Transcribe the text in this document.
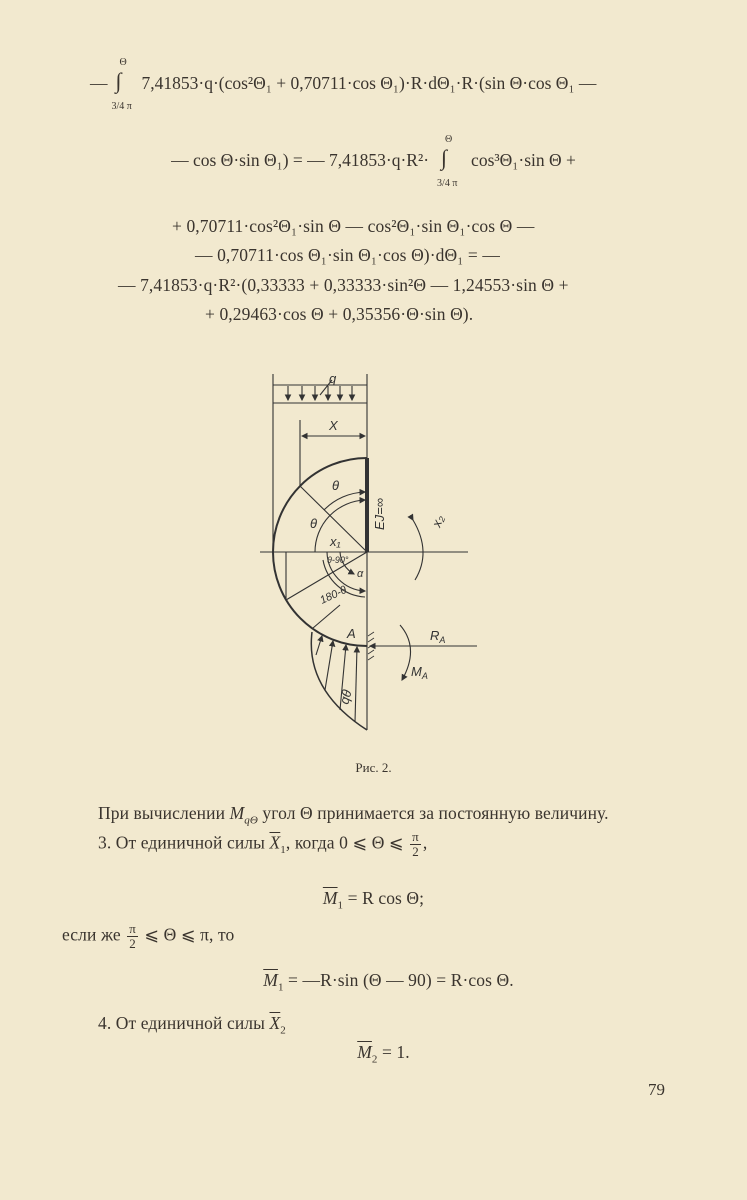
— ∫
Θ
3/4 π
7,41853·q·(cos²Θ₁ + 0,70711·cos Θ₁)·R·dΘ₁·R·(sin Θ·cos Θ₁ —
— cos Θ·sin Θ₁) = — 7,41853·q·R²· ∫
Θ
3/4 π
cos³Θ₁·sin Θ +
+ 0,70711·cos²Θ₁·sin Θ — cos²Θ₁·sin Θ₁·cos Θ —
— 0,70711·cos Θ₁·sin Θ₁·cos Θ)·dΘ₁ = —
— 7,41853·q·R²·(0,33333 + 0,33333·sin²Θ — 1,24553·sin Θ +
+ 0,29463·cos Θ + 0,35356·Θ·sin Θ).
q
X
θ
θ
x₁
θ-90°
α
180-θ
EJ=∞	x₂
A	$R_A$
$M_A$
qθ
Рис. 2.
При вычислении $M_{q\Theta}$ угол Θ принимается за постоянную величину.
3. От единичной силы $\overline{X}_1$, когда 0 ⩽ Θ ⩽ $\frac{\pi}{2}$ ,
$\overline{M}_1 = R$ cos Θ;
если же $\frac{\pi}{2}$ ⩽ Θ ⩽ π, то
$\overline{M}_1$ = —R·sin (Θ — 90) = R·cos Θ.
4. От единичной силы $\overline{X}_2$
$\overline{M}_2 = 1$.
79
